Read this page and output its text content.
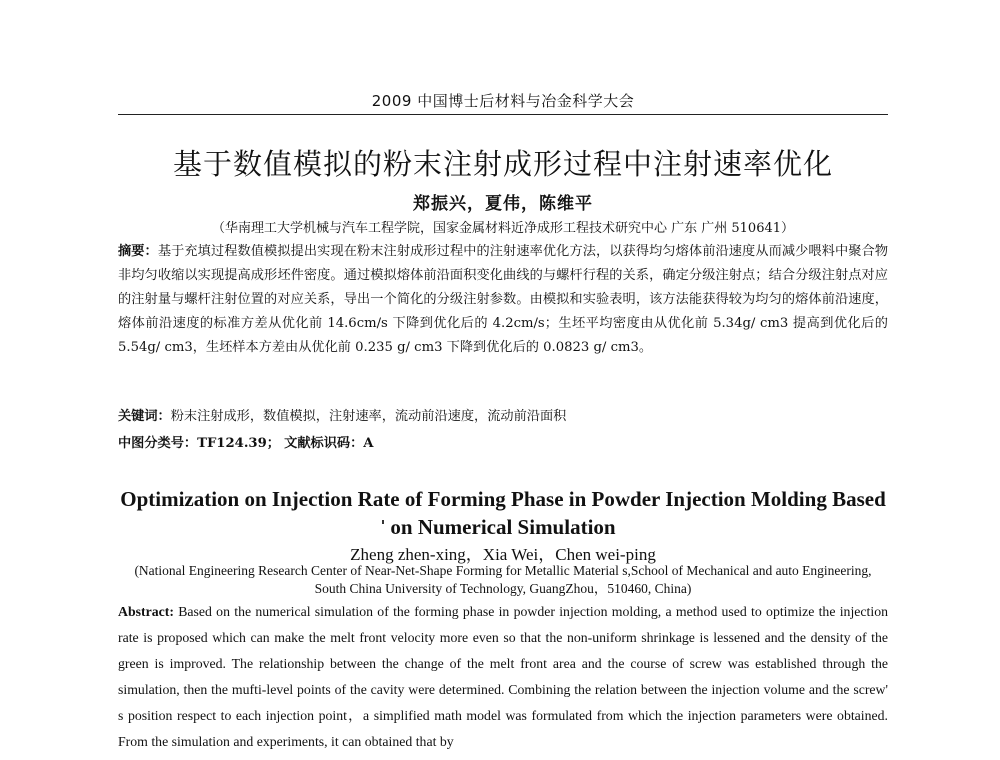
2009 中国博士后材料与冶金科学大会
基于数值模拟的粉末注射成形过程中注射速率优化
郑振兴，夏伟，陈维平
（华南理工大学机械与汽车工程学院，国家金属材料近净成形工程技术研究中心 广东 广州 510641）
摘要：基于充填过程数值模拟提出实现在粉末注射成形过程中的注射速率优化方法，以获得均匀熔体前沿速度从而减少喂料中聚合物非均匀收缩以实现提高成形坯件密度。通过模拟熔体前沿面积变化曲线的与螺杆行程的关系，确定分级注射点；结合分级注射点对应的注射量与螺杆注射位置的对应关系，导出一个简化的分级注射参数。由模拟和实验表明，该方法能获得较为均匀的熔体前沿速度，熔体前沿速度的标准方差从优化前 14.6cm/s 下降到优化后的 4.2cm/s；生坯平均密度由从优化前 5.34g/ cm3 提高到优化后的 5.54g/ cm3，生坯样本方差由从优化前 0.235 g/ cm3 下降到优化后的 0.0823 g/ cm3。
关键词：粉末注射成形，数值模拟，注射速率，流动前沿速度，流动前沿面积
中图分类号：TF124.39； 文献标识码：A
Optimization on Injection Rate of Forming Phase in Powder Injection Molding Based on Numerical Simulation
Zheng zhen-xing，Xia Wei，Chen wei-ping
(National Engineering Research Center of Near-Net-Shape Forming for Metallic Material s,School of Mechanical and auto Engineering, South China University of Technology, GuangZhou，510460, China)
Abstract: Based on the numerical simulation of the forming phase in powder injection molding, a method used to optimize the injection rate is proposed which can make the melt front velocity more even so that the non-uniform shrinkage is lessened and the density of the green is improved. The relationship between the change of the melt front area and the course of screw was established through the simulation, then the mufti-level points of the cavity were determined. Combining the relation between the injection volume and the screw' s position respect to each injection point，a simplified math model was formulated from which the injection parameters were obtained. From the simulation and experiments, it can obtained that by
